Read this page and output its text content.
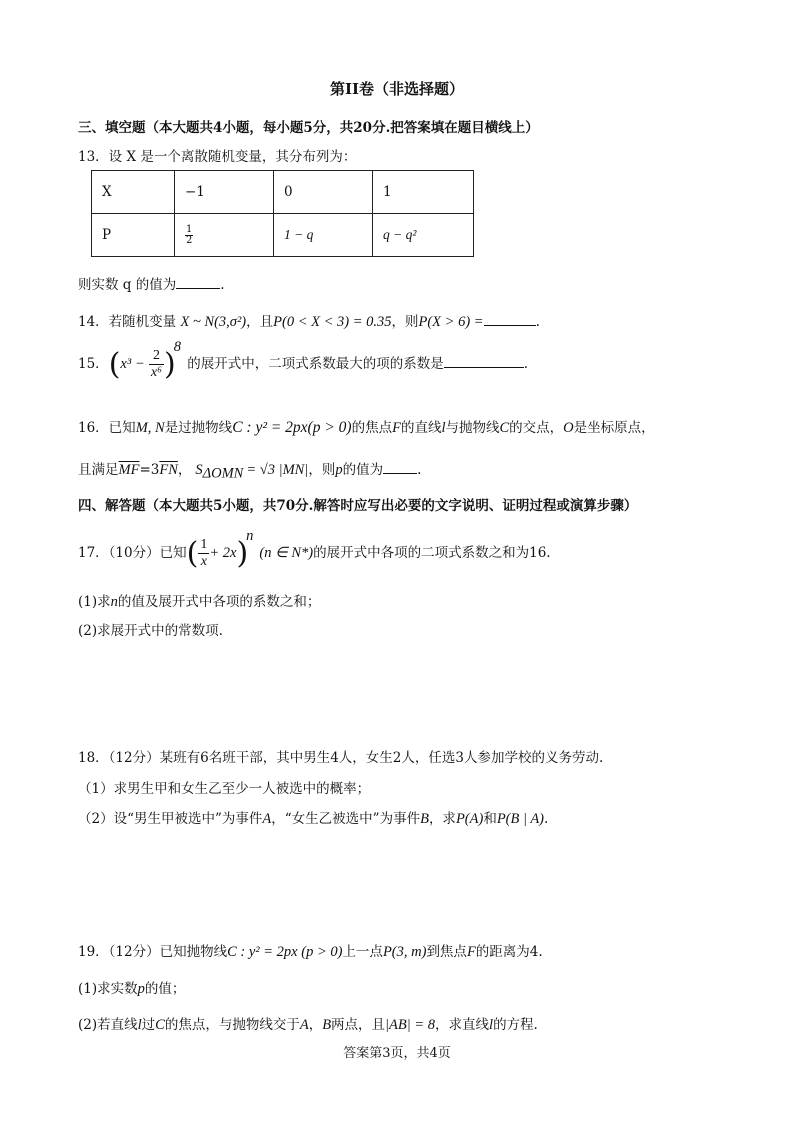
第II卷（非选择题）
三、填空题（本大题共4小题，每小题5分，共20分.把答案填在题目横线上）
13．设 X 是一个离散随机变量，其分布列为：
X	−1	0	1
P	$\frac{1}{2}$	1 − q	q − q²
则实数 q 的值为	.
14．若随机变量 X ~ N(3,σ²)，且P(0 < X < 3) = 0.35，则P(X > 6) =	.
15．$(x^3 - \frac{2}{\text{x⁶}} )^8$ 的展开式中，二项式系数最大的项的系数是	.
16．已知M, N是过抛物线C : y² = 2px(p > 0)的焦点F的直线l与抛物线C的交点，O是坐标原点，
且满足$\overline{MF}=3\overline{FN}$， $S_{\Delta OMN} = √3$ |MN|，则p的值为	.
四、解答题（本大题共5小题，共70分.解答时应写出必要的文字说明、证明过程或演算步骤）
17．（10分）已知( $\frac{1}{x} + 2x)^n(n$ ∈ N*)的展开式中各项的二项式系数之和为16.
(1)求n的值及展开式中各项的系数之和；
(2)求展开式中的常数项.
18．（12分）某班有6名班干部，其中男生4人，女生2人，任选3人参加学校的义务劳动.
（1）求男生甲和女生乙至少一人被选中的概率；
（2）设“男生甲被选中”为事件A，“女生乙被选中”为事件B，求P(A)和P(B | A).
19．（12分）已知抛物线C : y² = 2px (p > 0)上一点P(3, m)到焦点F的距离为4.
(1)求实数p的值；
(2)若直线l过C的焦点，与抛物线交于A，B两点，且|AB| = 8，求直线l的方程.
答案第3页，共4页
